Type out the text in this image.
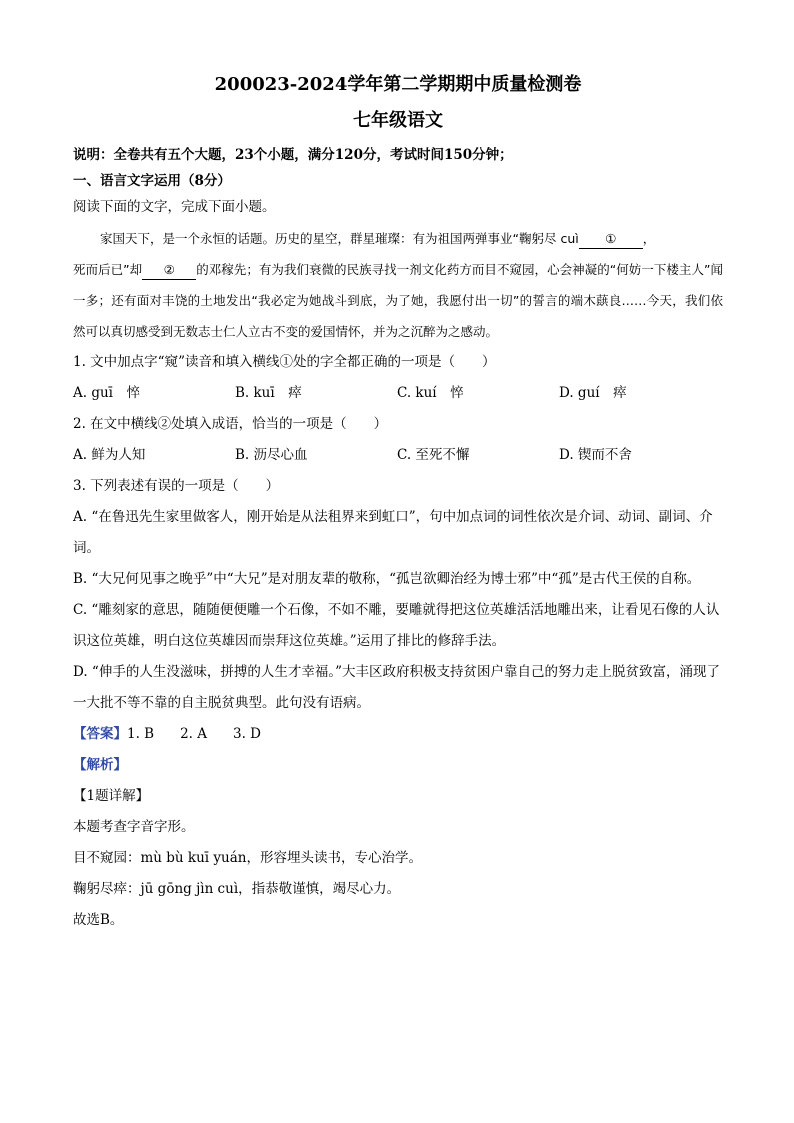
200023-2024学年第二学期期中质量检测卷
七年级语文
说明：全卷共有五个大题，23个小题，满分120分，考试时间150分钟；
一、语言文字运用（8分）

阅读下面的文字，完成下面小题。

家国天下，是一个永恒的话题。历史的星空，群星璀璨：有为祖国两弹事业“鞠躬尽 cuì ① ，
死而后已”却 ② 的邓稼先；有为我们衰微的民族寻找一剂文化药方而目不窥园，心会神凝的“何妨一下楼主人”闻一多；还有面对丰饶的土地发出“我必定为她战斗到底，为了她，我愿付出一切”的誓言的端木蕻良……今天，我们依然可以真切感受到无数志士仁人立古不变的爱国情怀，并为之沉醉为之感动。

1. 文中加点字“窥”读音和填入横线①处的字全都正确的一项是（　　）

A. guī　悴	B. kuī　瘁	C. kuí　悴	D. guí　瘁

2. 在文中横线②处填入成语，恰当的一项是（　　）

A. 鲜为人知	B. 沥尽心血	C. 至死不懈	D. 锲而不舍

3. 下列表述有误的一项是（　　）

A. “在鲁迅先生家里做客人，刚开始是从法租界来到虹口”，句中加点词的词性依次是介词、动词、副词、介词。

B. “大兄何见事之晚乎”中“大兄”是对朋友辈的敬称，“孤岂欲卿治经为博士邪”中“孤”是古代王侯的自称。

C. “雕刻家的意思，随随便便雕一个石像，不如不雕，要雕就得把这位英雄活活地雕出来，让看见石像的人认识这位英雄，明白这位英雄因而崇拜这位英雄。”运用了排比的修辞手法。

D. “伸手的人生没滋味，拼搏的人生才幸福。”大丰区政府积极支持贫困户靠自己的努力走上脱贫致富，涌现了一大批不等不靠的自主脱贫典型。此句没有语病。

【答案】1. B 2. A 3. D
【解析】
【1题详解】
本题考查字音字形。
目不窥园：mù bù kuī yuán，形容埋头读书，专心治学。
鞠躬尽瘁：jū gōng jìn cuì，指恭敬谨慎，竭尽心力。
故选B。
